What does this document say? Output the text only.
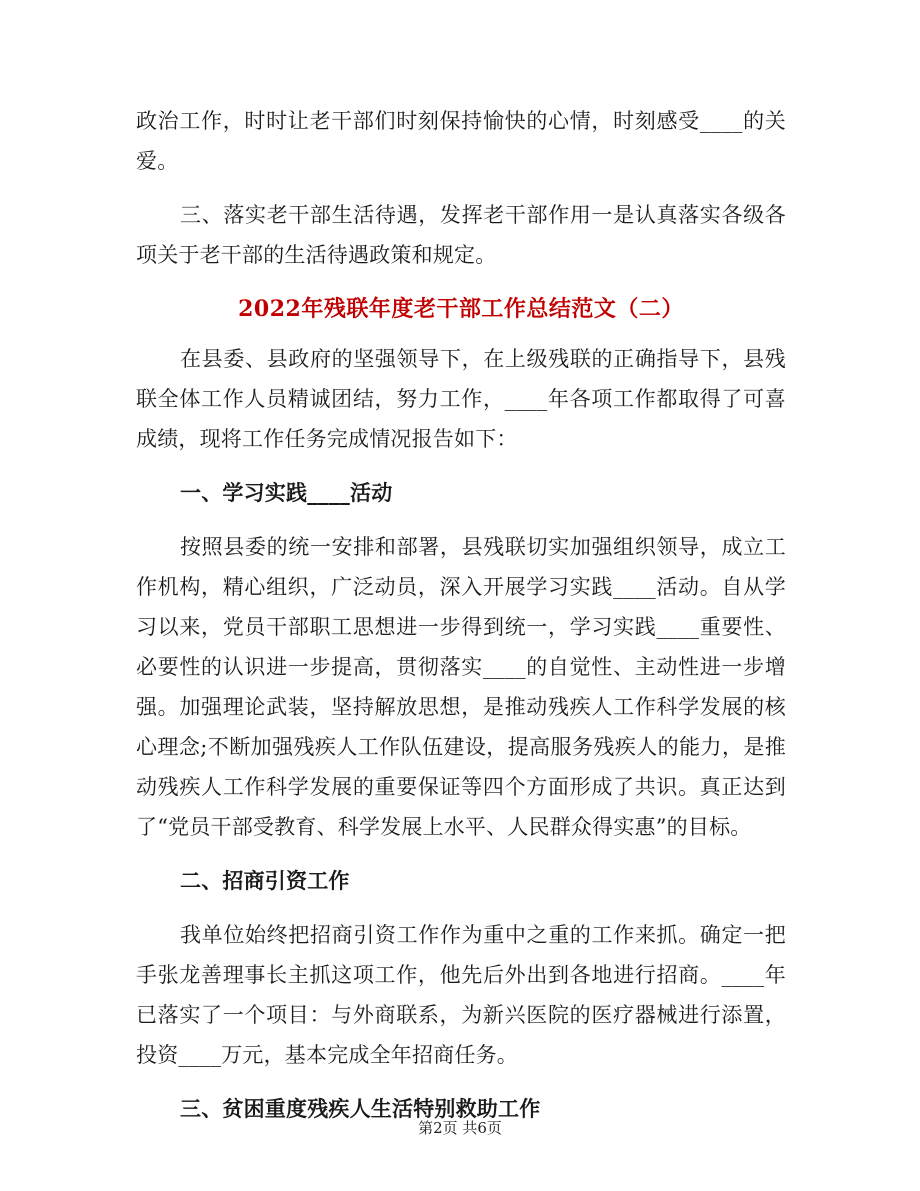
政治工作，时时让老干部们时刻保持愉快的心情，时刻感受____的关爱。

三、落实老干部生活待遇，发挥老干部作用一是认真落实各级各项关于老干部的生活待遇政策和规定。

2022年残联年度老干部工作总结范文（二）

在县委、县政府的坚强领导下，在上级残联的正确指导下，县残联全体工作人员精诚团结，努力工作，____年各项工作都取得了可喜成绩，现将工作任务完成情况报告如下：

一、学习实践____活动

按照县委的统一安排和部署，县残联切实加强组织领导，成立工作机构，精心组织，广泛动员，深入开展学习实践____活动。自从学习以来，党员干部职工思想进一步得到统一，学习实践____重要性、必要性的认识进一步提高，贯彻落实____的自觉性、主动性进一步增强。加强理论武装，坚持解放思想，是推动残疾人工作科学发展的核心理念;不断加强残疾人工作队伍建设，提高服务残疾人的能力，是推动残疾人工作科学发展的重要保证等四个方面形成了共识。真正达到了“党员干部受教育、科学发展上水平、人民群众得实惠”的目标。

二、招商引资工作

我单位始终把招商引资工作作为重中之重的工作来抓。确定一把手张龙善理事长主抓这项工作，他先后外出到各地进行招商。____年已落实了一个项目：与外商联系，为新兴医院的医疗器械进行添置，投资____万元，基本完成全年招商任务。

三、贫困重度残疾人生活特别救助工作
第2页 共6页
